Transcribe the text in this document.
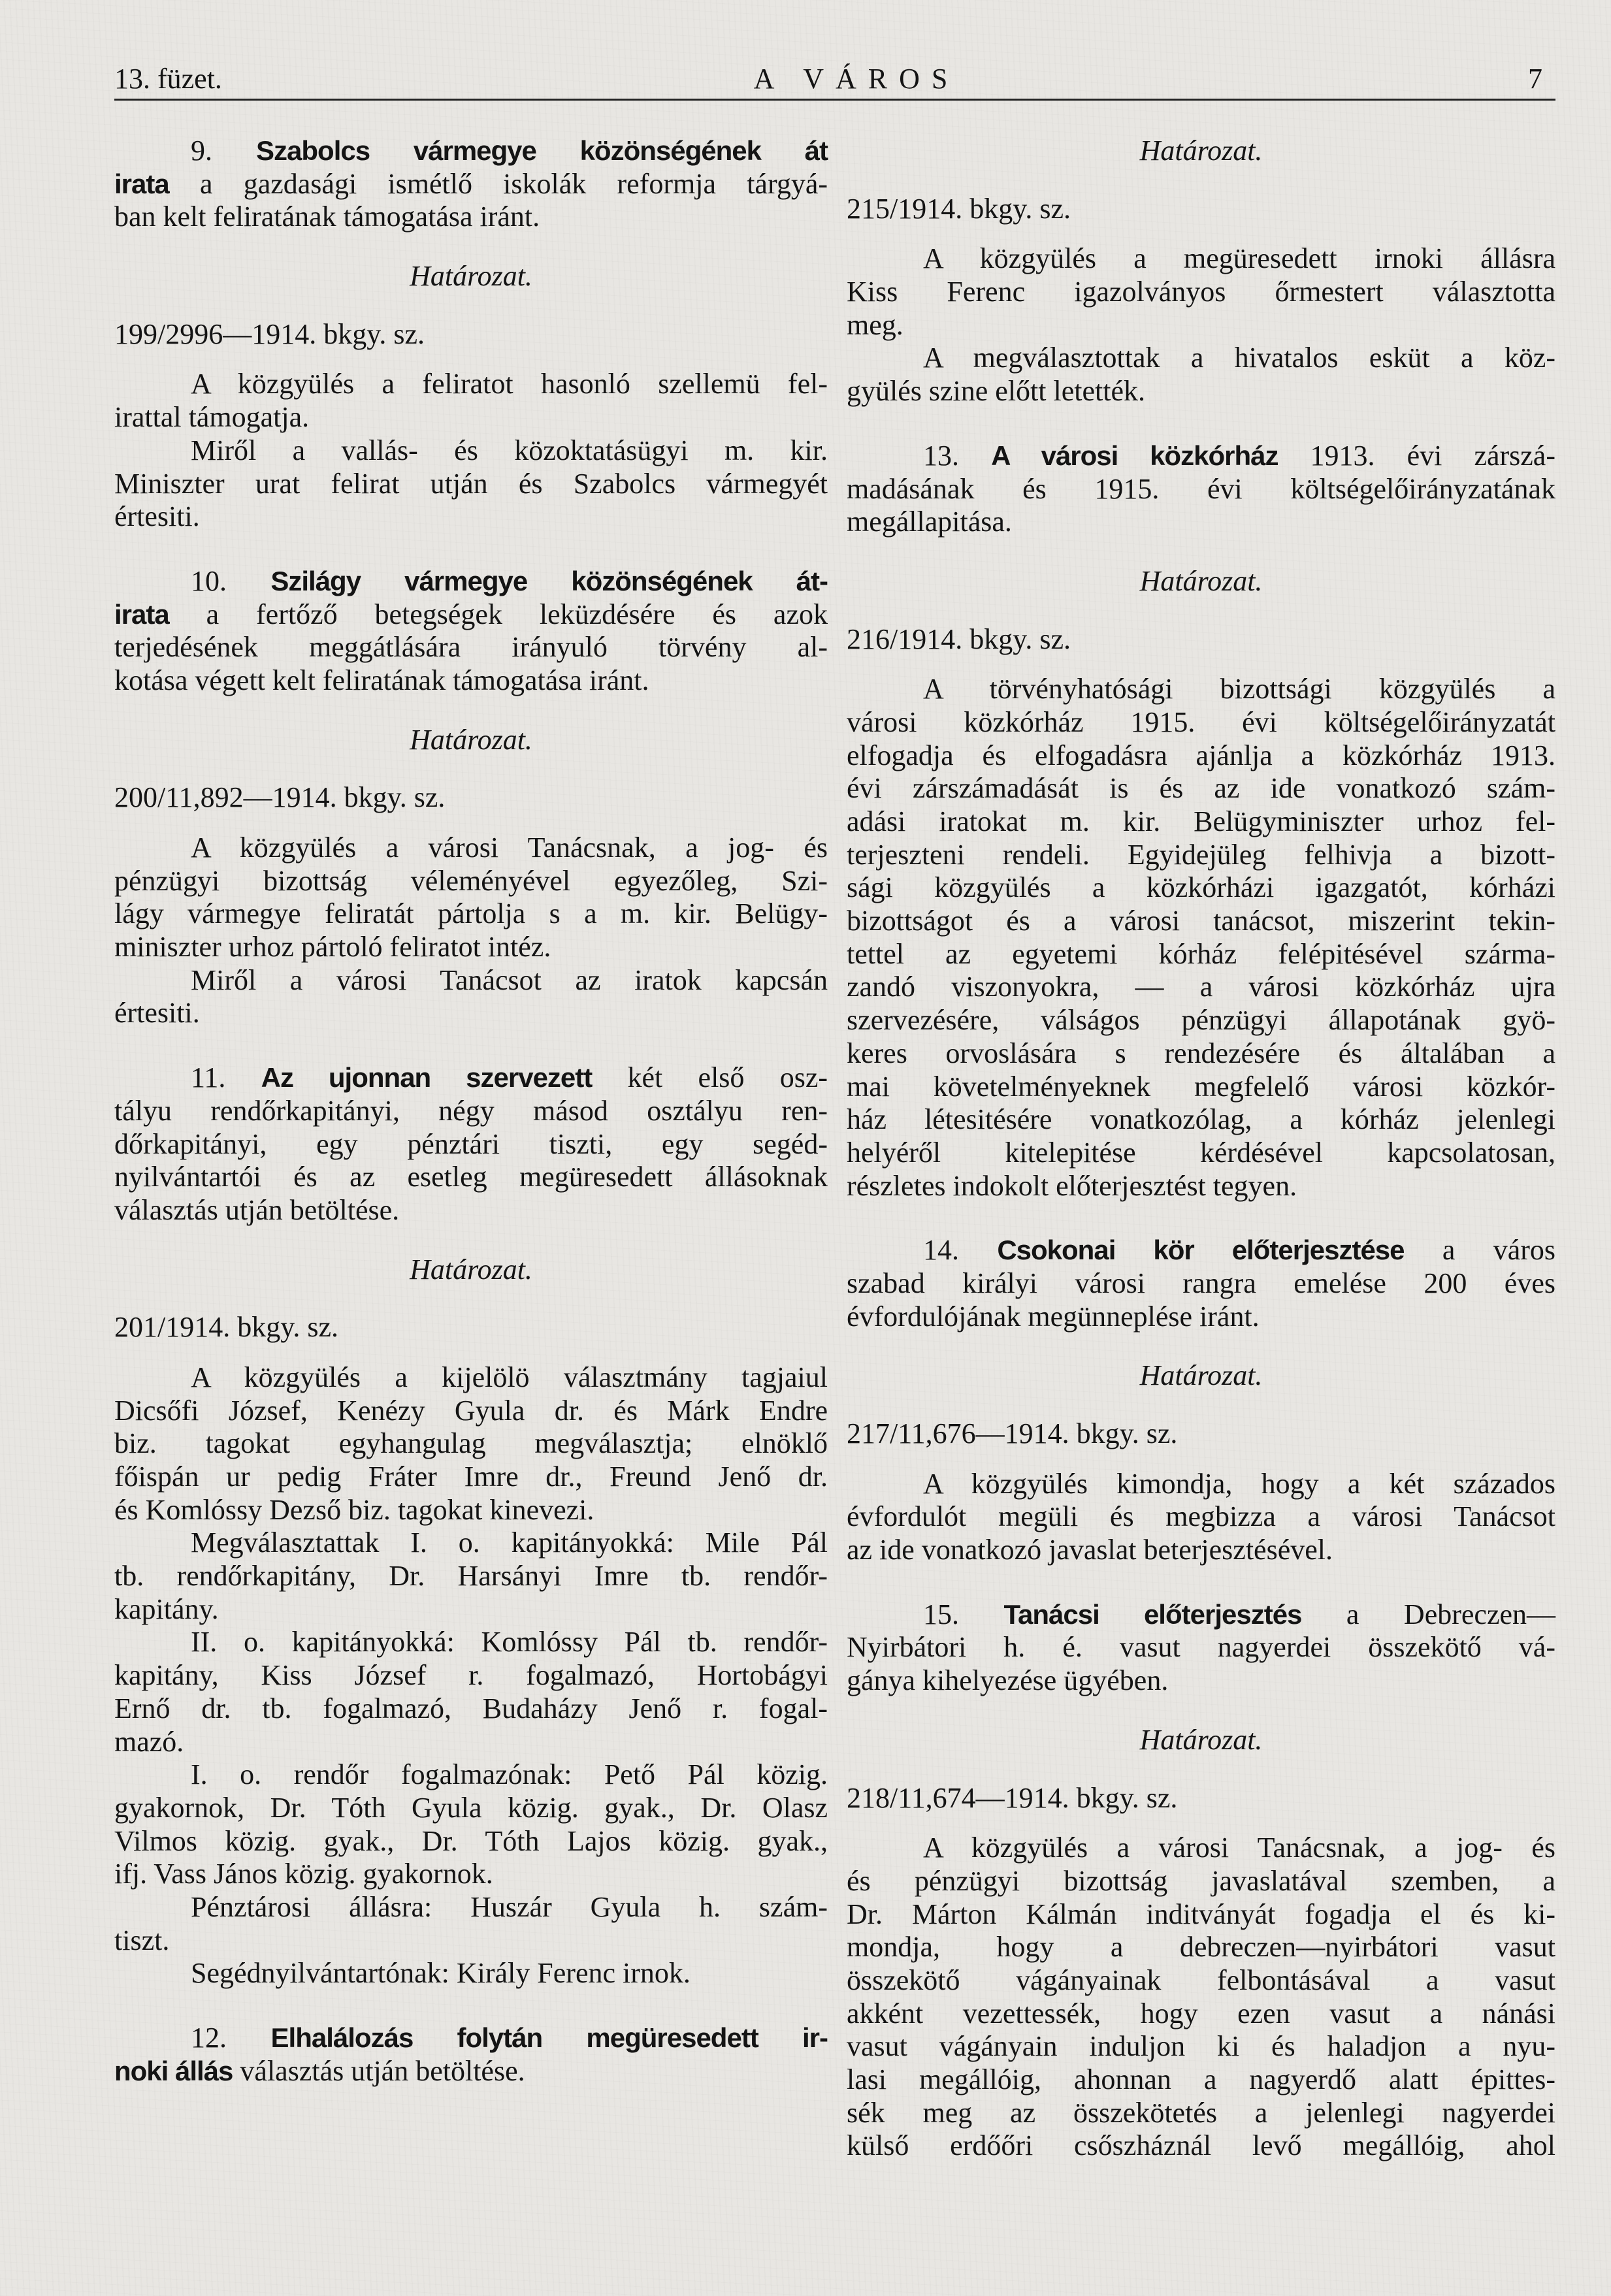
13. füzet.	A VÁROS	7
9. Szabolcs vármegye közönségének át
irata a gazdasági ismétlő iskolák reformja tárgyá-
ban kelt feliratának támogatása iránt.
Határozat.
199/2996—1914. bkgy. sz.
A közgyülés a feliratot hasonló szellemü fel-
irattal támogatja.
Miről a vallás- és közoktatásügyi m. kir.
Miniszter urat felirat utján és Szabolcs vármegyét
értesiti.
10. Szilágy vármegye közönségének át-
irata a fertőző betegségek leküzdésére és azok
terjedésének meggátlására irányuló törvény al-
kotása végett kelt feliratának támogatása iránt.
Határozat.
200/11,892—1914. bkgy. sz.
A közgyülés a városi Tanácsnak, a jog- és
pénzügyi bizottság véleményével egyezőleg, Szi-
lágy vármegye feliratát pártolja s a m. kir. Belügy-
miniszter urhoz pártoló feliratot intéz.
Miről a városi Tanácsot az iratok kapcsán
értesiti.
11. Az ujonnan szervezett két első osz-
tályu rendőrkapitányi, négy másod osztályu ren-
dőrkapitányi, egy pénztári tiszti, egy segéd-
nyilvántartói és az esetleg megüresedett állásoknak
választás utján betöltése.
Határozat.
201/1914. bkgy. sz.
A közgyülés a kijelölö választmány tagjaiul
Dicsőfi József, Kenézy Gyula dr. és Márk Endre
biz. tagokat egyhangulag megválasztja; elnöklő
főispán ur pedig Fráter Imre dr., Freund Jenő dr.
és Komlóssy Dezső biz. tagokat kinevezi.
Megválasztattak I. o. kapitányokká: Mile Pál
tb. rendőrkapitány, Dr. Harsányi Imre tb. rendőr-
kapitány.
II. o. kapitányokká: Komlóssy Pál tb. rendőr-
kapitány, Kiss József r. fogalmazó, Hortobágyi
Ernő dr. tb. fogalmazó, Budaházy Jenő r. fogal-
mazó.
I. o. rendőr fogalmazónak: Pető Pál közig.
gyakornok, Dr. Tóth Gyula közig. gyak., Dr. Olasz
Vilmos közig. gyak., Dr. Tóth Lajos közig. gyak.,
ifj. Vass János közig. gyakornok.
Pénztárosi állásra: Huszár Gyula h. szám-
tiszt.
Segédnyilvántartónak: Király Ferenc irnok.
12. Elhalálozás folytán megüresedett ir-
noki állás választás utján betöltése.
Határozat.
215/1914. bkgy. sz.
A közgyülés a megüresedett irnoki állásra
Kiss Ferenc igazolványos őrmestert választotta
meg.
A megválasztottak a hivatalos esküt a köz-
gyülés szine előtt letették.
13. A városi közkórház 1913. évi zárszá-
madásának és 1915. évi költségelőirányzatának
megállapitása.
Határozat.
216/1914. bkgy. sz.
A törvényhatósági bizottsági közgyülés a
városi közkórház 1915. évi költségelőirányzatát
elfogadja és elfogadásra ajánlja a közkórház 1913.
évi zárszámadását is és az ide vonatkozó szám-
adási iratokat m. kir. Belügyminiszter urhoz fel-
terjeszteni rendeli. Egyidejüleg felhivja a bizott-
sági közgyülés a közkórházi igazgatót, kórházi
bizottságot és a városi tanácsot, miszerint tekin-
tettel az egyetemi kórház felépitésével szárma-
zandó viszonyokra, — a városi közkórház ujra
szervezésére, válságos pénzügyi állapotának gyö-
keres orvoslására s rendezésére és általában a
mai követelményeknek megfelelő városi közkór-
ház létesitésére vonatkozólag, a kórház jelenlegi
helyéről kitelepitése kérdésével kapcsolatosan,
részletes indokolt előterjesztést tegyen.
14. Csokonai kör előterjesztése a város
szabad királyi városi rangra emelése 200 éves
évfordulójának megünneplése iránt.
Határozat.
217/11,676—1914. bkgy. sz.
A közgyülés kimondja, hogy a két százados
évfordulót megüli és megbizza a városi Tanácsot
az ide vonatkozó javaslat beterjesztésével.
15. Tanácsi előterjesztés a Debreczen—
Nyirbátori h. é. vasut nagyerdei összekötő vá-
gánya kihelyezése ügyében.
Határozat.
218/11,674—1914. bkgy. sz.
A közgyülés a városi Tanácsnak, a jog- és
és pénzügyi bizottság javaslatával szemben, a
Dr. Márton Kálmán inditványát fogadja el és ki-
mondja, hogy a debreczen—nyirbátori vasut
összekötő vágányainak felbontásával a vasut
akként vezettessék, hogy ezen vasut a nánási
vasut vágányain induljon ki és haladjon a nyu-
lasi megállóig, ahonnan a nagyerdő alatt épittes-
sék meg az összekötetés a jelenlegi nagyerdei
külső erdőőri csőszháznál levő megállóig, ahol
